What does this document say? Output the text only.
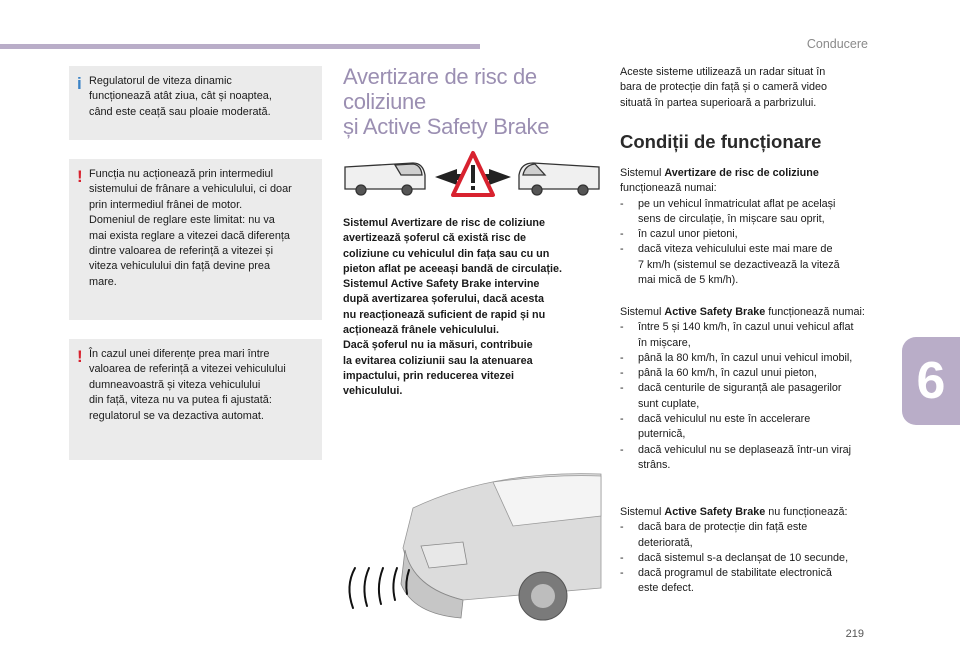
Conducere
6
219
i Regulatorul de viteza dinamic
funcționează atât ziua, cât și noaptea,
când este ceață sau ploaie moderată.
! Funcția nu acționează prin intermediul
sistemului de frânare a vehiculului, ci doar
prin intermediul frânei de motor.
Domeniul de reglare este limitat: nu va
mai exista reglare a vitezei dacă diferența
dintre valoarea de referință a vitezei și
viteza vehiculului din față devine prea
mare.
! În cazul unei diferențe prea mari între
valoarea de referință a vitezei vehiculului
dumneavoastră și viteza vehiculului
din față, viteza nu va putea fi ajustată:
regulatorul se va dezactiva automat.
Avertizare de risc de coliziune
și Active Safety Brake
Sistemul Avertizare de risc de coliziune
avertizează șoferul că există risc de
coliziune cu vehiculul din fața sau cu un
pieton aflat pe aceeași bandă de circulație.
Sistemul Active Safety Brake intervine
după avertizarea șoferului, dacă acesta
nu reacționează suficient de rapid și nu
acționează frânele vehiculului.
Dacă șoferul nu ia măsuri, contribuie
la evitarea coliziunii sau la atenuarea
impactului, prin reducerea vitezei
vehiculului.
Aceste sisteme utilizează un radar situat în
bara de protecție din față și o cameră video
situată în partea superioară a parbrizului.
Condiții de funcționare
Sistemul Avertizare de risc de coliziune funcționează numai:
- pe un vehicul înmatriculat aflat pe același
sens de circulație, în mișcare sau oprit,
- în cazul unor pietoni,
- dacă viteza vehiculului este mai mare de
7 km/h (sistemul se dezactivează la viteză
mai mică de 5 km/h).
Sistemul Active Safety Brake funcționează numai:
- între 5 și 140 km/h, în cazul unui vehicul aflat
în mișcare,
- până la 80 km/h, în cazul unui vehicul imobil,
- până la 60 km/h, în cazul unui pieton,
- dacă centurile de siguranță ale pasagerilor
sunt cuplate,
- dacă vehiculul nu este în accelerare
puternică,
- dacă vehiculul nu se deplasează într-un viraj
strâns.
Sistemul Active Safety Brake nu funcționează:
- dacă bara de protecție din față este
deteriorată,
- dacă sistemul s-a declanșat de 10 secunde,
- dacă programul de stabilitate electronică
este defect.
